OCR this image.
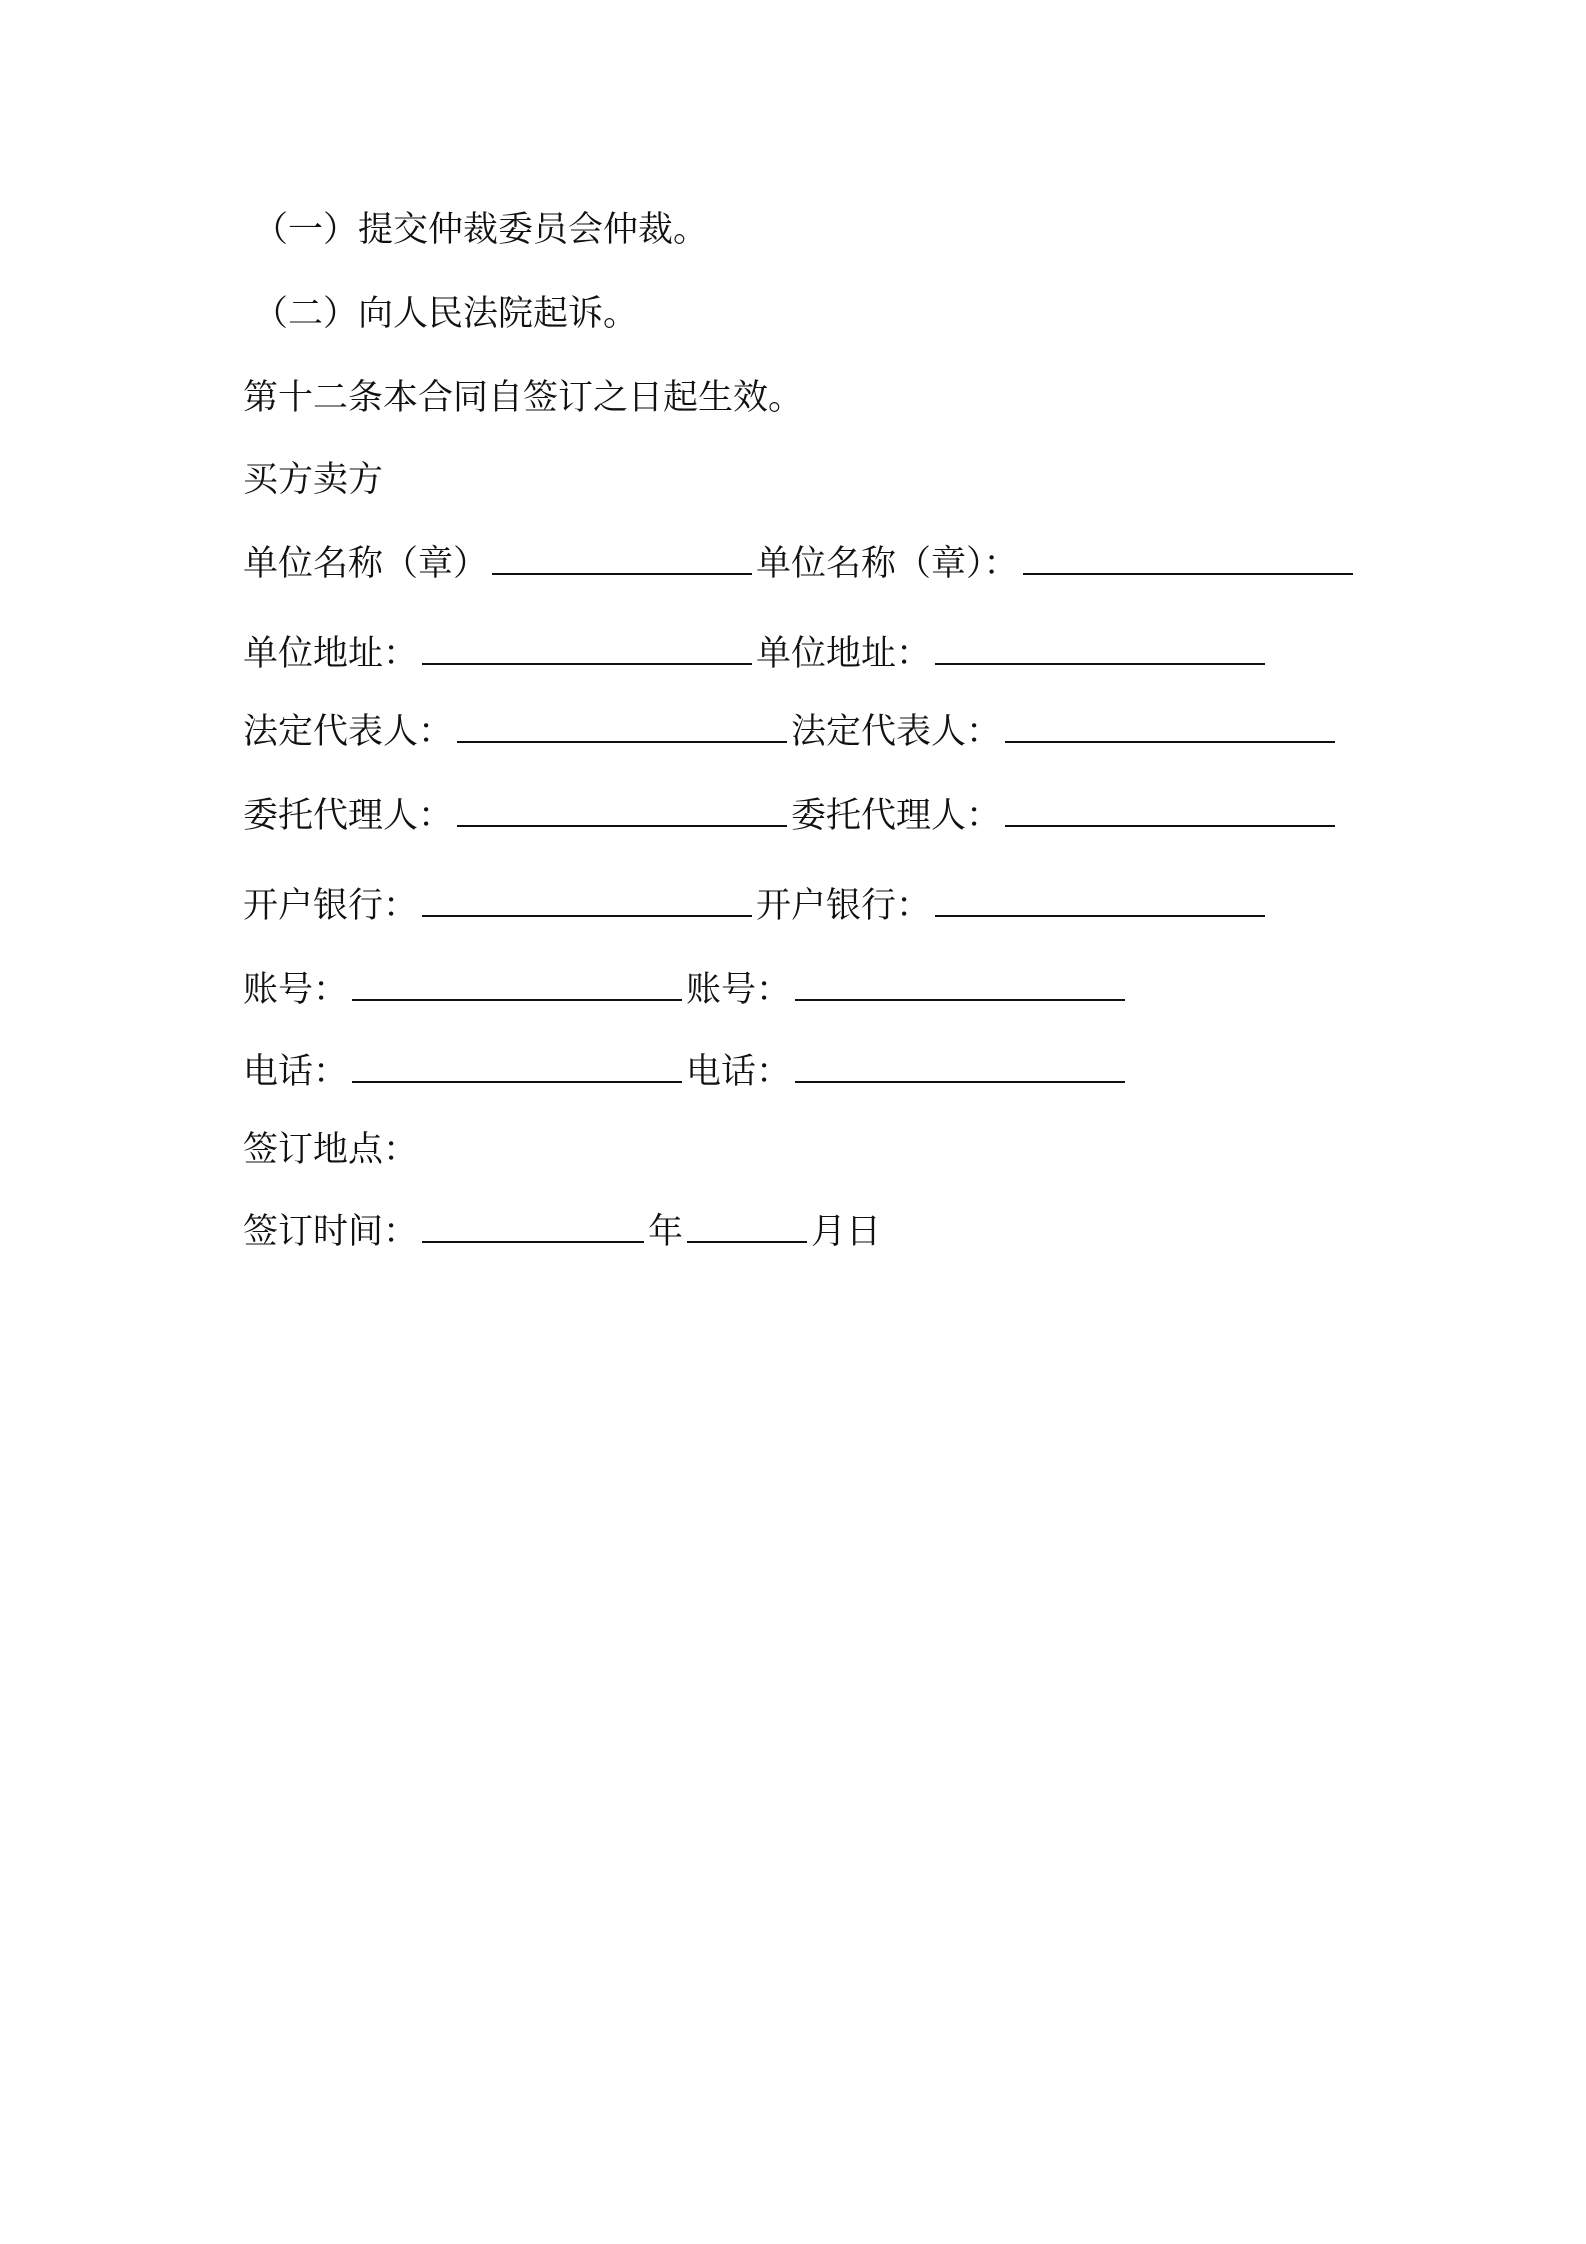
（一）提交仲裁委员会仲裁。
（二）向人民法院起诉。
第十二条本合同自签订之日起生效。
买方卖方
单位名称（章）	单位名称（章）：
单位地址：	单位地址：
法定代表人：	法定代表人：
委托代理人：	委托代理人：
开户银行：	开户银行：
账号：	账号：
电话：	电话：
签订地点：
签订时间：	年	月日
